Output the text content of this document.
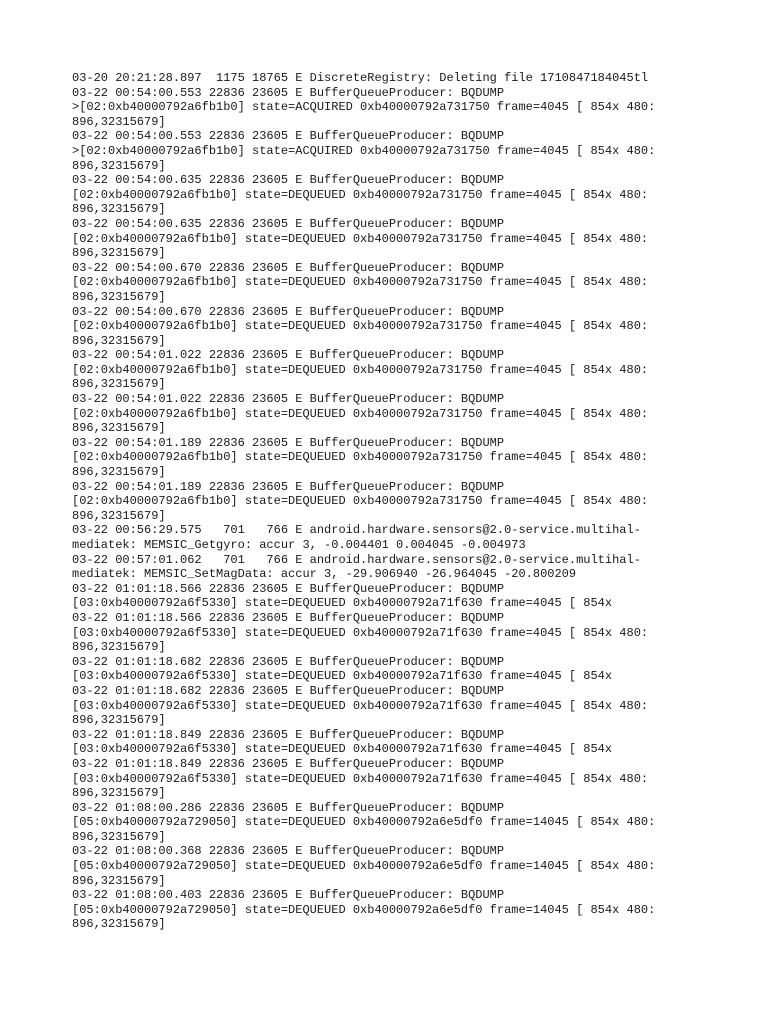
03-20 20:21:28.897  1175 18765 E DiscreteRegistry: Deleting file 1710847184045tl

03-22 00:54:00.553 22836 23605 E BufferQueueProducer: BQDUMP

>[02:0xb40000792a6fb1b0] state=ACQUIRED 0xb40000792a731750 frame=4045 [ 854x 480:

896,32315679]

03-22 00:54:00.553 22836 23605 E BufferQueueProducer: BQDUMP

>[02:0xb40000792a6fb1b0] state=ACQUIRED 0xb40000792a731750 frame=4045 [ 854x 480:

896,32315679]

03-22 00:54:00.635 22836 23605 E BufferQueueProducer: BQDUMP

[02:0xb40000792a6fb1b0] state=DEQUEUED 0xb40000792a731750 frame=4045 [ 854x 480:

896,32315679]

03-22 00:54:00.635 22836 23605 E BufferQueueProducer: BQDUMP

[02:0xb40000792a6fb1b0] state=DEQUEUED 0xb40000792a731750 frame=4045 [ 854x 480:

896,32315679]

03-22 00:54:00.670 22836 23605 E BufferQueueProducer: BQDUMP

[02:0xb40000792a6fb1b0] state=DEQUEUED 0xb40000792a731750 frame=4045 [ 854x 480:

896,32315679]

03-22 00:54:00.670 22836 23605 E BufferQueueProducer: BQDUMP

[02:0xb40000792a6fb1b0] state=DEQUEUED 0xb40000792a731750 frame=4045 [ 854x 480:

896,32315679]

03-22 00:54:01.022 22836 23605 E BufferQueueProducer: BQDUMP

[02:0xb40000792a6fb1b0] state=DEQUEUED 0xb40000792a731750 frame=4045 [ 854x 480:

896,32315679]

03-22 00:54:01.022 22836 23605 E BufferQueueProducer: BQDUMP

[02:0xb40000792a6fb1b0] state=DEQUEUED 0xb40000792a731750 frame=4045 [ 854x 480:

896,32315679]

03-22 00:54:01.189 22836 23605 E BufferQueueProducer: BQDUMP

[02:0xb40000792a6fb1b0] state=DEQUEUED 0xb40000792a731750 frame=4045 [ 854x 480:

896,32315679]

03-22 00:54:01.189 22836 23605 E BufferQueueProducer: BQDUMP

[02:0xb40000792a6fb1b0] state=DEQUEUED 0xb40000792a731750 frame=4045 [ 854x 480:

896,32315679]

03-22 00:56:29.575   701   766 E android.hardware.sensors@2.0-service.multihal-

mediatek: MEMSIC_Getgyro: accur 3, -0.004401 0.004045 -0.004973

03-22 00:57:01.062   701   766 E android.hardware.sensors@2.0-service.multihal-

mediatek: MEMSIC_SetMagData: accur 3, -29.906940 -26.964045 -20.800209

03-22 01:01:18.566 22836 23605 E BufferQueueProducer: BQDUMP

[03:0xb40000792a6f5330] state=DEQUEUED 0xb40000792a71f630 frame=4045 [ 854x

03-22 01:01:18.566 22836 23605 E BufferQueueProducer: BQDUMP

[03:0xb40000792a6f5330] state=DEQUEUED 0xb40000792a71f630 frame=4045 [ 854x 480:

896,32315679]

03-22 01:01:18.682 22836 23605 E BufferQueueProducer: BQDUMP

[03:0xb40000792a6f5330] state=DEQUEUED 0xb40000792a71f630 frame=4045 [ 854x

03-22 01:01:18.682 22836 23605 E BufferQueueProducer: BQDUMP

[03:0xb40000792a6f5330] state=DEQUEUED 0xb40000792a71f630 frame=4045 [ 854x 480:

896,32315679]

03-22 01:01:18.849 22836 23605 E BufferQueueProducer: BQDUMP

[03:0xb40000792a6f5330] state=DEQUEUED 0xb40000792a71f630 frame=4045 [ 854x

03-22 01:01:18.849 22836 23605 E BufferQueueProducer: BQDUMP

[03:0xb40000792a6f5330] state=DEQUEUED 0xb40000792a71f630 frame=4045 [ 854x 480:

896,32315679]

03-22 01:08:00.286 22836 23605 E BufferQueueProducer: BQDUMP

[05:0xb40000792a729050] state=DEQUEUED 0xb40000792a6e5df0 frame=14045 [ 854x 480:

896,32315679]

03-22 01:08:00.368 22836 23605 E BufferQueueProducer: BQDUMP

[05:0xb40000792a729050] state=DEQUEUED 0xb40000792a6e5df0 frame=14045 [ 854x 480:

896,32315679]

03-22 01:08:00.403 22836 23605 E BufferQueueProducer: BQDUMP

[05:0xb40000792a729050] state=DEQUEUED 0xb40000792a6e5df0 frame=14045 [ 854x 480:

896,32315679]
